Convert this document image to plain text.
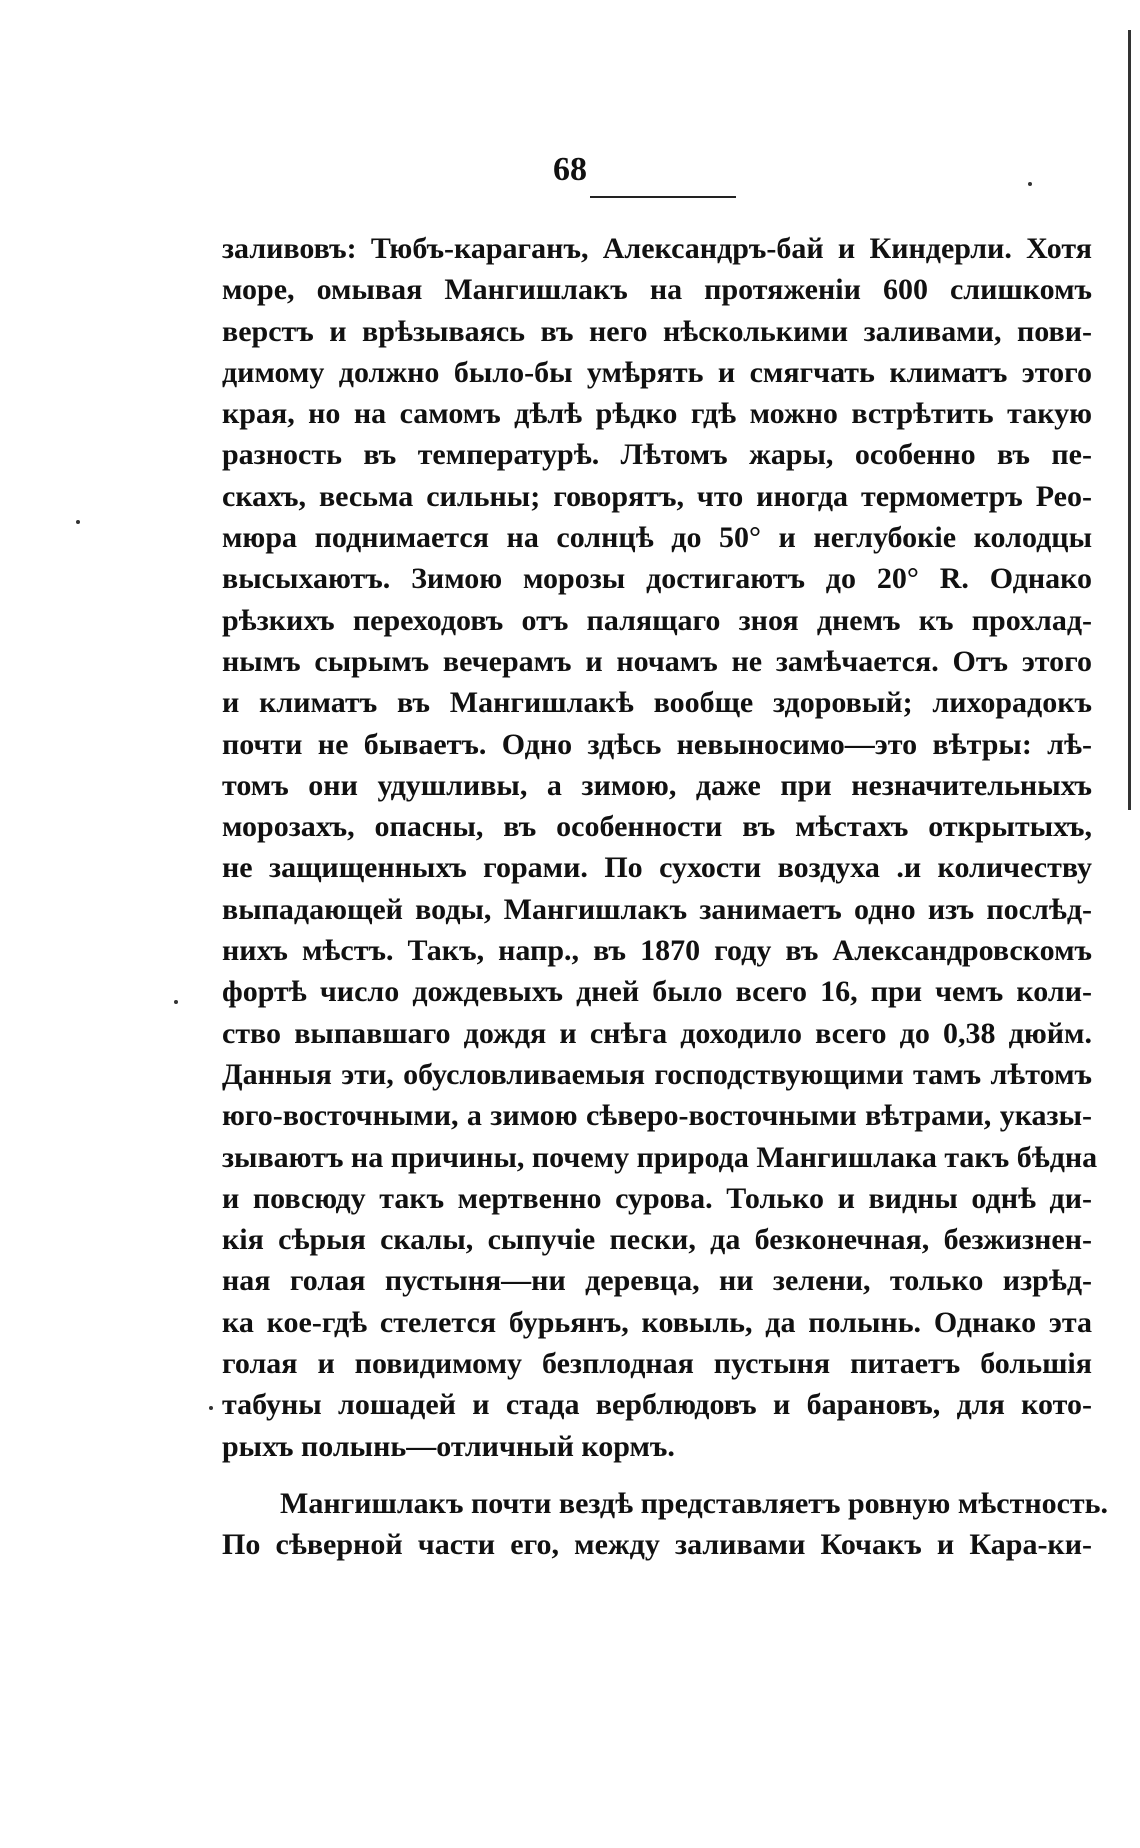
68
заливовъ: Тюбъ-караганъ, Александръ-бай и Киндерли. Хотя
море, омывая Мангишлакъ на протяженіи 600 слишкомъ
верстъ и врѣзываясь въ него нѣсколькими заливами, пови-
димому должно было-бы умѣрять и смягчать климатъ этого
края, но на самомъ дѣлѣ рѣдко гдѣ можно встрѣтить такую
разность въ температурѣ. Лѣтомъ жары, особенно въ пе-
скахъ, весьма сильны; говорятъ, что иногда термометръ Рео-
мюра поднимается на солнцѣ до 50° и неглубокіе колодцы
высыхаютъ. Зимою морозы достигаютъ до 20° R. Однако
рѣзкихъ переходовъ отъ палящаго зноя днемъ къ прохлад-
нымъ сырымъ вечерамъ и ночамъ не замѣчается. Отъ этого
и климатъ въ Мангишлакѣ вообще здоровый; лихорадокъ
почти не бываетъ. Одно здѣсь невыносимо—это вѣтры: лѣ-
томъ они удушливы, а зимою, даже при незначительныхъ
морозахъ, опасны, въ особенности въ мѣстахъ открытыхъ,
не защищенныхъ горами. По сухости воздуха .и количеству
выпадающей воды, Мангишлакъ занимаетъ одно изъ послѣд-
нихъ мѣстъ. Такъ, напр., въ 1870 году въ Александровскомъ
фортѣ число дождевыхъ дней было всего 16, при чемъ коли-
ство выпавшаго дождя и снѣга доходило всего до 0,38 дюйм.
Данныя эти, обусловливаемыя господствующими тамъ лѣтомъ
юго-восточными, а зимою сѣверо-восточными вѣтрами, указы-
зываютъ на причины, почему природа Мангишлака такъ бѣдна
и повсюду такъ мертвенно сурова. Только и видны однѣ ди-
кія сѣрыя скалы, сыпучіе пески, да безконечная, безжизнен-
ная голая пустыня—ни деревца, ни зелени, только изрѣд-
ка кое-гдѣ стелется бурьянъ, ковыль, да полынь. Однако эта
голая и повидимому безплодная пустыня питаетъ большія
табуны лошадей и стада верблюдовъ и барановъ, для кото-
рыхъ полынь—отличный кормъ.
Мангишлакъ почти вездѣ представляетъ ровную мѣстность.
По сѣверной части его, между заливами Кочакъ и Кара-ки-
